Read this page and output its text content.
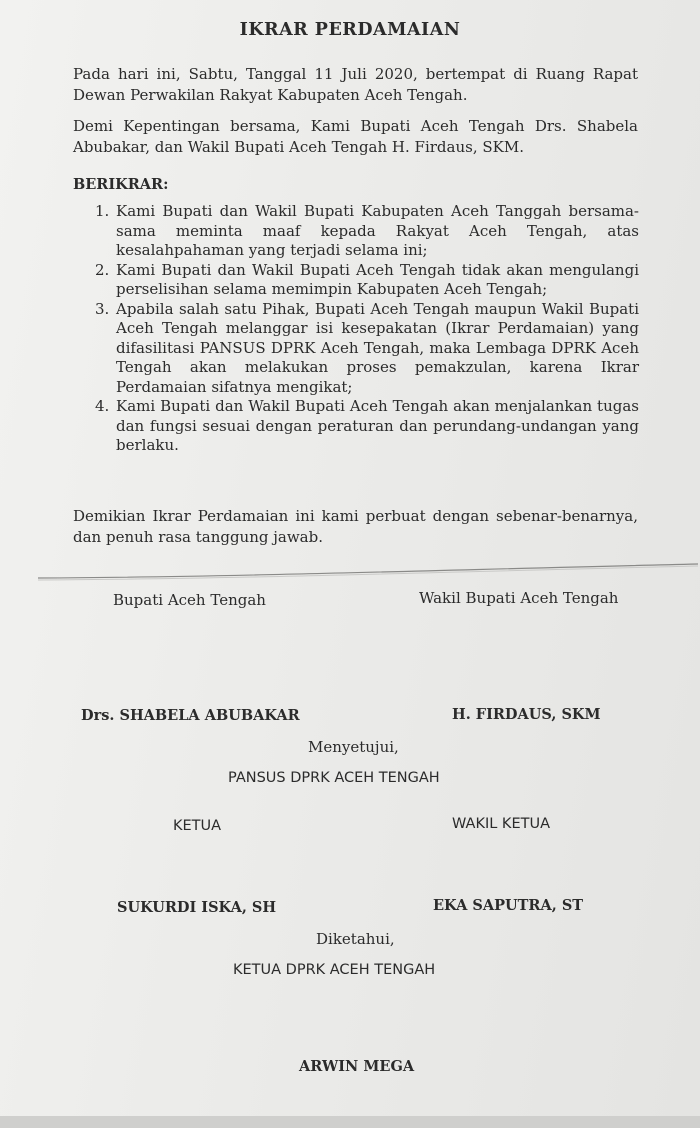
IKRAR PERDAMAIAN
Pada hari ini, Sabtu, Tanggal 11 Juli 2020, bertempat di Ruang Rapat Dewan Perwakilan Rakyat Kabupaten Aceh Tengah.
Demi Kepentingan bersama, Kami Bupati Aceh Tengah Drs. Shabela Abubakar, dan Wakil Bupati Aceh Tengah H. Firdaus, SKM.
BERIKRAR:
1. Kami Bupati dan Wakil Bupati Kabupaten Aceh Tanggah bersama-sama meminta maaf kepada Rakyat Aceh Tengah, atas kesalahpahaman yang terjadi selama ini;
2. Kami Bupati dan Wakil Bupati Aceh Tengah tidak akan mengulangi perselisihan selama memimpin Kabupaten Aceh Tengah;
3. Apabila salah satu Pihak, Bupati Aceh Tengah maupun Wakil Bupati Aceh Tengah melanggar isi kesepakatan (Ikrar Perdamaian) yang difasilitasi PANSUS DPRK Aceh Tengah, maka Lembaga DPRK Aceh Tengah akan melakukan proses pemakzulan, karena Ikrar Perdamaian sifatnya mengikat;
4. Kami Bupati dan Wakil Bupati Aceh Tengah akan menjalankan tugas dan fungsi sesuai dengan peraturan dan perundang-undangan yang berlaku.
Demikian Ikrar Perdamaian ini kami perbuat dengan sebenar-benarnya, dan penuh rasa tanggung jawab.
Bupati Aceh Tengah	Wakil Bupati Aceh Tengah
Drs. SHABELA ABUBAKAR	H. FIRDAUS, SKM
Menyetujui,
PANSUS DPRK ACEH TENGAH
KETUA	WAKIL KETUA
SUKURDI ISKA, SH	EKA SAPUTRA, ST
Diketahui,
KETUA DPRK ACEH TENGAH
ARWIN MEGA
